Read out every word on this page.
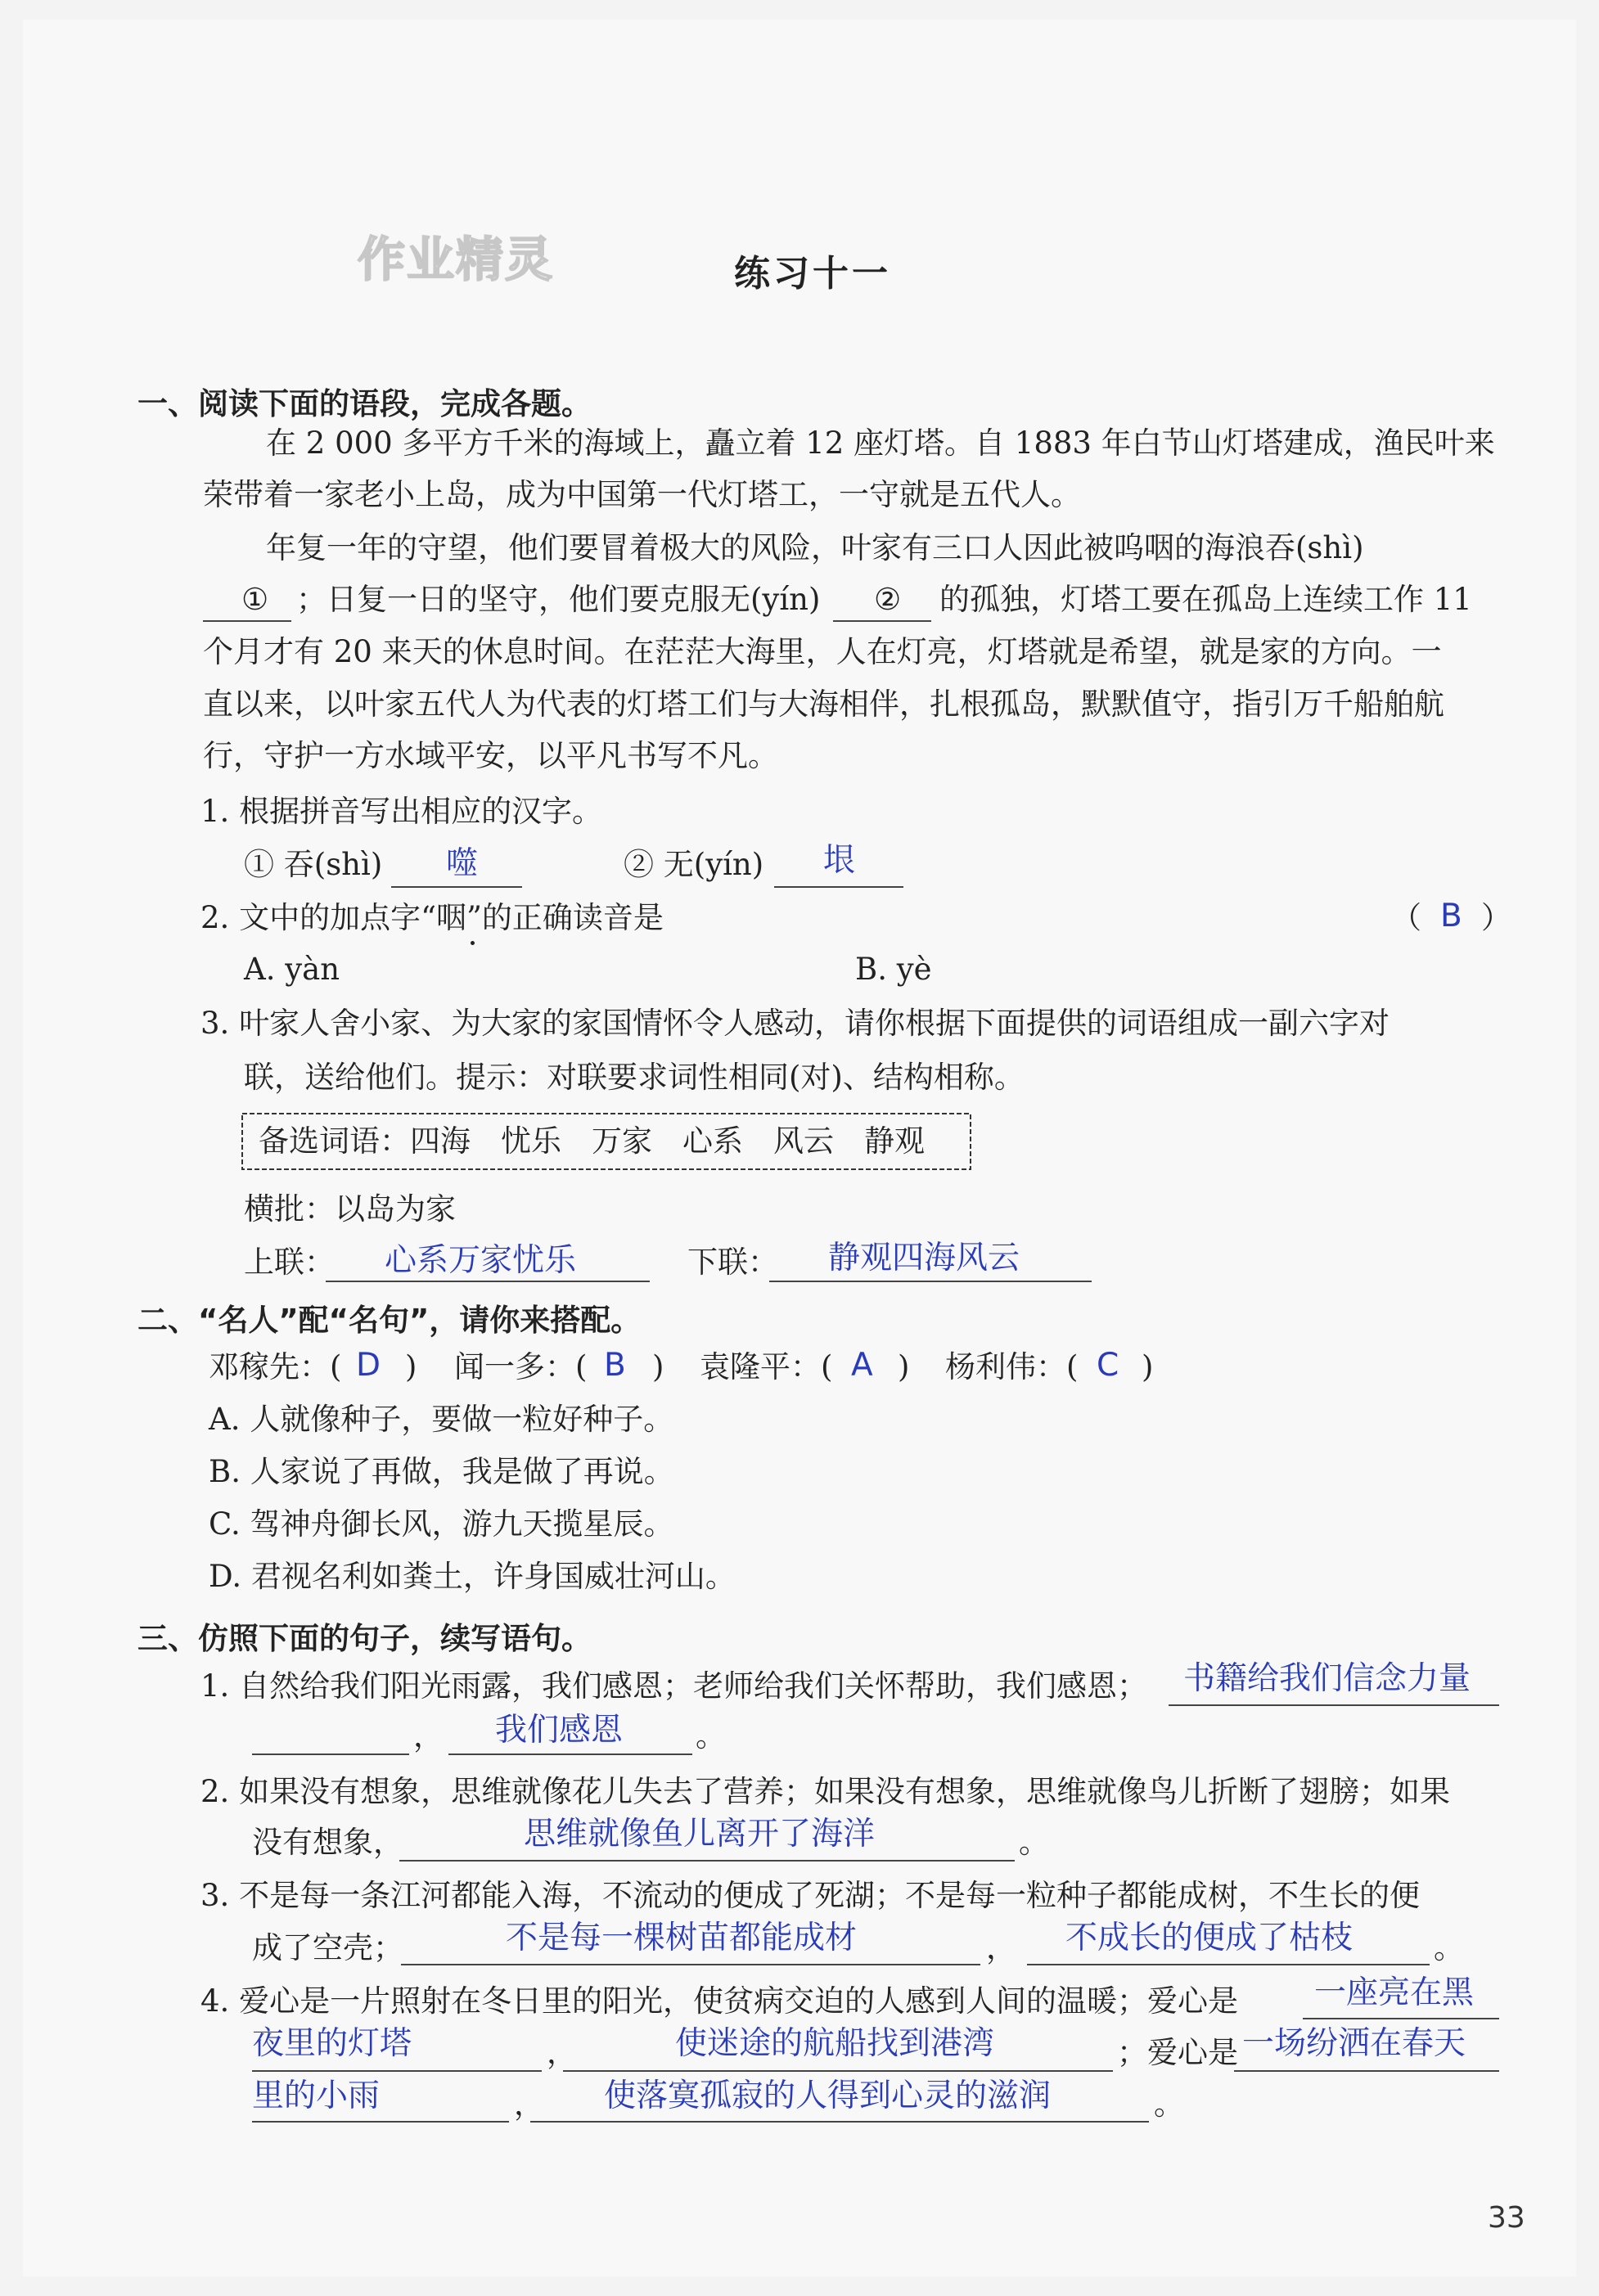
作业精灵	练习十一
一、阅读下面的语段，完成各题。
在 2 000 多平方千米的海域上，矗立着 12 座灯塔。自 1883 年白节山灯塔建成，渔民叶来
荣带着一家老小上岛，成为中国第一代灯塔工，一守就是五代人。
年复一年的守望，他们要冒着极大的风险，叶家有三口人因此被呜咽的海浪吞(shì)
① ；日复一日的坚守，他们要克服无(yín) ② 的孤独，灯塔工要在孤岛上连续工作 11
个月才有 20 来天的休息时间。在茫茫大海里，人在灯亮，灯塔就是希望，就是家的方向。一
直以来，以叶家五代人为代表的灯塔工们与大海相伴，扎根孤岛，默默值守，指引万千船舶航
行，守护一方水域平安，以平凡书写不凡。
1. 根据拼音写出相应的汉字。
① 吞(shì) 噬	② 无(yín) 垠
2. 文中的加点字“咽”的正确读音是	（ B ）
A. yàn	B. yè
3. 叶家人舍小家、为大家的家国情怀令人感动，请你根据下面提供的词语组成一副六字对
联，送给他们。提示：对联要求词性相同(对)、结构相称。
备选词语：四海　忧乐　万家　心系　风云　静观
横批：以岛为家
上联： 心系万家忧乐	下联： 静观四海风云
二、“名人”配“名句”，请你来搭配。
邓稼先：( D ) 闻一多：( B ) 袁隆平：( A ) 杨利伟：( C )
A. 人就像种子，要做一粒好种子。
B. 人家说了再做，我是做了再说。
C. 驾神舟御长风，游九天揽星辰。
D. 君视名利如粪土，许身国威壮河山。
三、仿照下面的句子，续写语句。
1. 自然给我们阳光雨露，我们感恩；老师给我们关怀帮助，我们感恩； 书籍给我们信念力量
， 我们感恩 。
2. 如果没有想象，思维就像花儿失去了营养；如果没有想象，思维就像鸟儿折断了翅膀；如果
没有想象，	思维就像鱼儿离开了海洋	。
3. 不是每一条江河都能入海，不流动的便成了死湖；不是每一粒种子都能成树，不生长的便
成了空壳；	不是每一棵树苗都能成材	， 不成长的便成了枯枝	。
4. 爱心是一片照射在冬日里的阳光，使贫病交迫的人感到人间的温暖；爱心是 一座亮在黑
夜里的灯塔	，	使迷途的航船找到港湾	；爱心是 一场纷洒在春天
里的小雨	， 使落寞孤寂的人得到心灵的滋润	。
33
